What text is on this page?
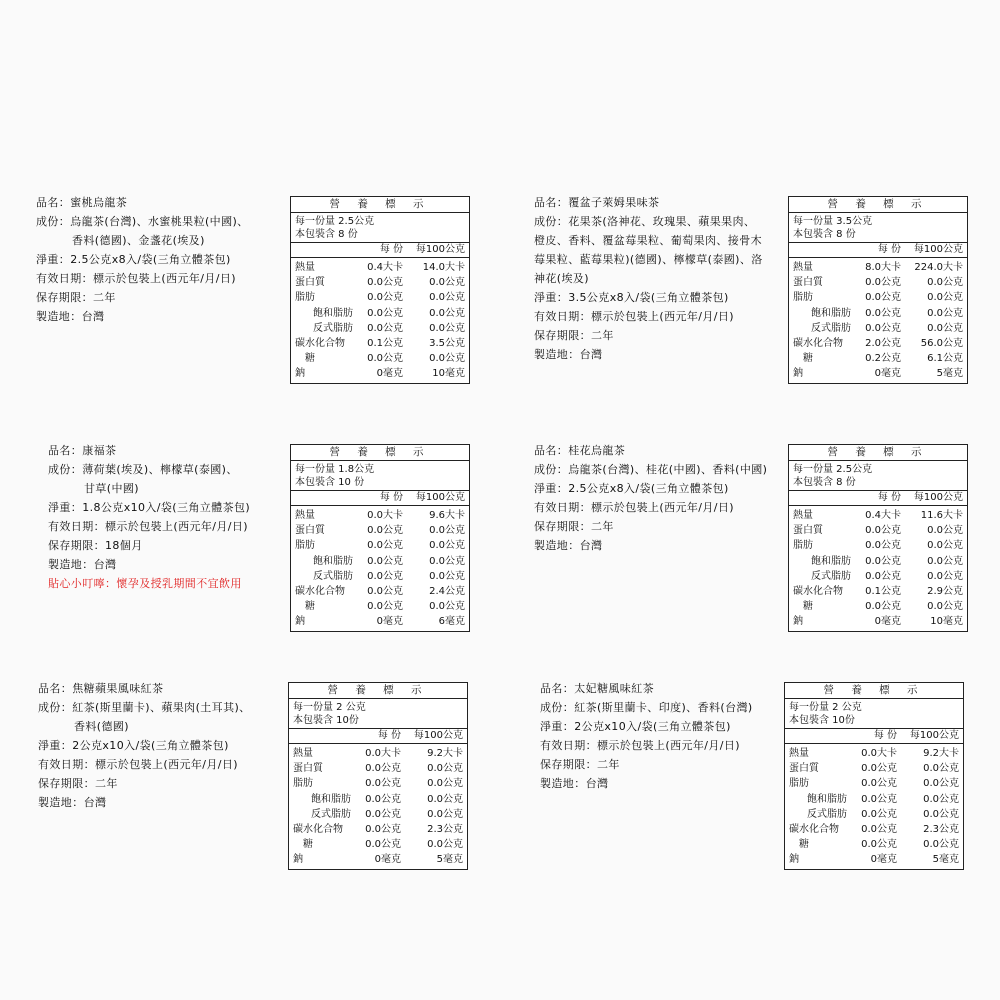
品名：蜜桃烏龍茶
成份：烏龍茶(台灣)、水蜜桃果粒(中國)、
香料(德國)、金盞花(埃及)
淨重：2.5公克x8入/袋(三角立體茶包)
有效日期：標示於包裝上(西元年/月/日)
保存期限：二年
製造地：台灣
營 養 標 示
每一份量 2.5公克
本包裝含 8 份
每 份	每100公克
熱量	0.4大卡	14.0大卡
蛋白質	0.0公克	0.0公克
脂肪	0.0公克	0.0公克
飽和脂肪	0.0公克	0.0公克
反式脂肪	0.0公克	0.0公克
碳水化合物	0.1公克	3.5公克
糖	0.0公克	0.0公克
鈉	0毫克	10毫克
品名：覆盆子萊姆果味茶
成份：花果茶(洛神花、玫瑰果、蘋果果肉、
橙皮、香料、覆盆莓果粒、葡萄果肉、接骨木
莓果粒、藍莓果粒)(德國)、檸檬草(泰國)、洛
神花(埃及)
淨重：3.5公克x8入/袋(三角立體茶包)
有效日期：標示於包裝上(西元年/月/日)
保存期限：二年
製造地：台灣
營 養 標 示
每一份量 3.5公克
本包裝含 8 份
每 份	每100公克
熱量	8.0大卡	224.0大卡
蛋白質	0.0公克	0.0公克
脂肪	0.0公克	0.0公克
飽和脂肪	0.0公克	0.0公克
反式脂肪	0.0公克	0.0公克
碳水化合物	2.0公克	56.0公克
糖	0.2公克	6.1公克
鈉	0毫克	5毫克
品名：康福茶
成份：薄荷葉(埃及)、檸檬草(泰國)、
甘草(中國)
淨重：1.8公克x10入/袋(三角立體茶包)
有效日期：標示於包裝上(西元年/月/日)
保存期限：18個月
製造地：台灣
貼心小叮嚀：懷孕及授乳期間不宜飲用
營 養 標 示
每一份量 1.8公克
本包裝含 10 份
每 份	每100公克
熱量	0.0大卡	9.6大卡
蛋白質	0.0公克	0.0公克
脂肪	0.0公克	0.0公克
飽和脂肪	0.0公克	0.0公克
反式脂肪	0.0公克	0.0公克
碳水化合物	0.0公克	2.4公克
糖	0.0公克	0.0公克
鈉	0毫克	6毫克
品名：桂花烏龍茶
成份：烏龍茶(台灣)、桂花(中國)、香料(中國)
淨重：2.5公克x8入/袋(三角立體茶包)
有效日期：標示於包裝上(西元年/月/日)
保存期限：二年
製造地：台灣
營 養 標 示
每一份量 2.5公克
本包裝含 8 份
每 份	每100公克
熱量	0.4大卡	11.6大卡
蛋白質	0.0公克	0.0公克
脂肪	0.0公克	0.0公克
飽和脂肪	0.0公克	0.0公克
反式脂肪	0.0公克	0.0公克
碳水化合物	0.1公克	2.9公克
糖	0.0公克	0.0公克
鈉	0毫克	10毫克
品名：焦糖蘋果風味紅茶
成份：紅茶(斯里蘭卡)、蘋果肉(土耳其)、
香料(德國)
淨重：2公克x10入/袋(三角立體茶包)
有效日期：標示於包裝上(西元年/月/日)
保存期限：二年
製造地：台灣
營 養 標 示
每一份量 2 公克
本包裝含 10份
每 份	每100公克
熱量	0.0大卡	9.2大卡
蛋白質	0.0公克	0.0公克
脂肪	0.0公克	0.0公克
飽和脂肪	0.0公克	0.0公克
反式脂肪	0.0公克	0.0公克
碳水化合物	0.0公克	2.3公克
糖	0.0公克	0.0公克
鈉	0毫克	5毫克
品名：太妃糖風味紅茶
成份：紅茶(斯里蘭卡、印度)、香料(台灣)
淨重：2公克x10入/袋(三角立體茶包)
有效日期：標示於包裝上(西元年/月/日)
保存期限：二年
製造地：台灣
營 養 標 示
每一份量 2 公克
本包裝含 10份
每 份	每100公克
熱量	0.0大卡	9.2大卡
蛋白質	0.0公克	0.0公克
脂肪	0.0公克	0.0公克
飽和脂肪	0.0公克	0.0公克
反式脂肪	0.0公克	0.0公克
碳水化合物	0.0公克	2.3公克
糖	0.0公克	0.0公克
鈉	0毫克	5毫克
